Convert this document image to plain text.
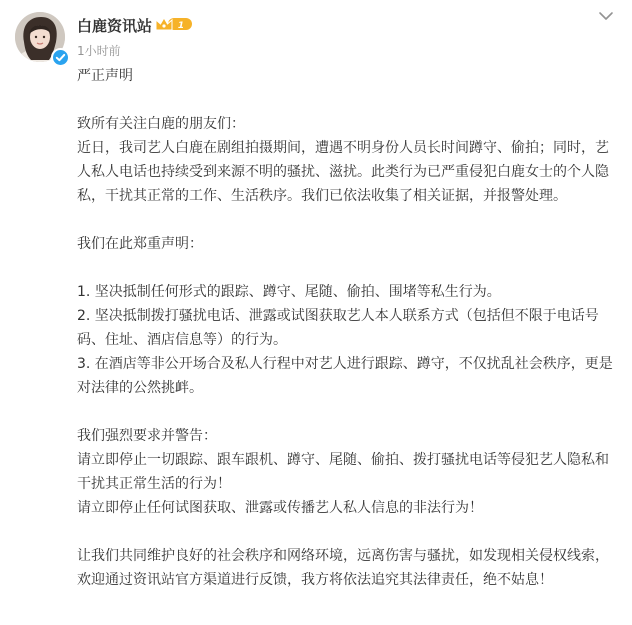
白鹿资讯站	1
1小时前

严正声明

致所有关注白鹿的朋友们：

近日，我司艺人白鹿在剧组拍摄期间，遭遇不明身份人员长时间蹲守、偷拍；同时，艺人私人电话也持续受到来源不明的骚扰、滋扰。此类行为已严重侵犯白鹿女士的个人隐私，干扰其正常的工作、生活秩序。我们已依法收集了相关证据，并报警处理。

我们在此郑重声明：

1. 坚决抵制任何形式的跟踪、蹲守、尾随、偷拍、围堵等私生行为。

2. 坚决抵制拨打骚扰电话、泄露或试图获取艺人本人联系方式（包括但不限于电话号码、住址、酒店信息等）的行为。

3. 在酒店等非公开场合及私人行程中对艺人进行跟踪、蹲守，不仅扰乱社会秩序，更是对法律的公然挑衅。

我们强烈要求并警告：

请立即停止一切跟踪、跟车跟机、蹲守、尾随、偷拍、拨打骚扰电话等侵犯艺人隐私和干扰其正常生活的行为！

请立即停止任何试图获取、泄露或传播艺人私人信息的非法行为！

让我们共同维护良好的社会秩序和网络环境，远离伤害与骚扰，如发现相关侵权线索，欢迎通过资讯站官方渠道进行反馈，我方将依法追究其法律责任，绝不姑息！
